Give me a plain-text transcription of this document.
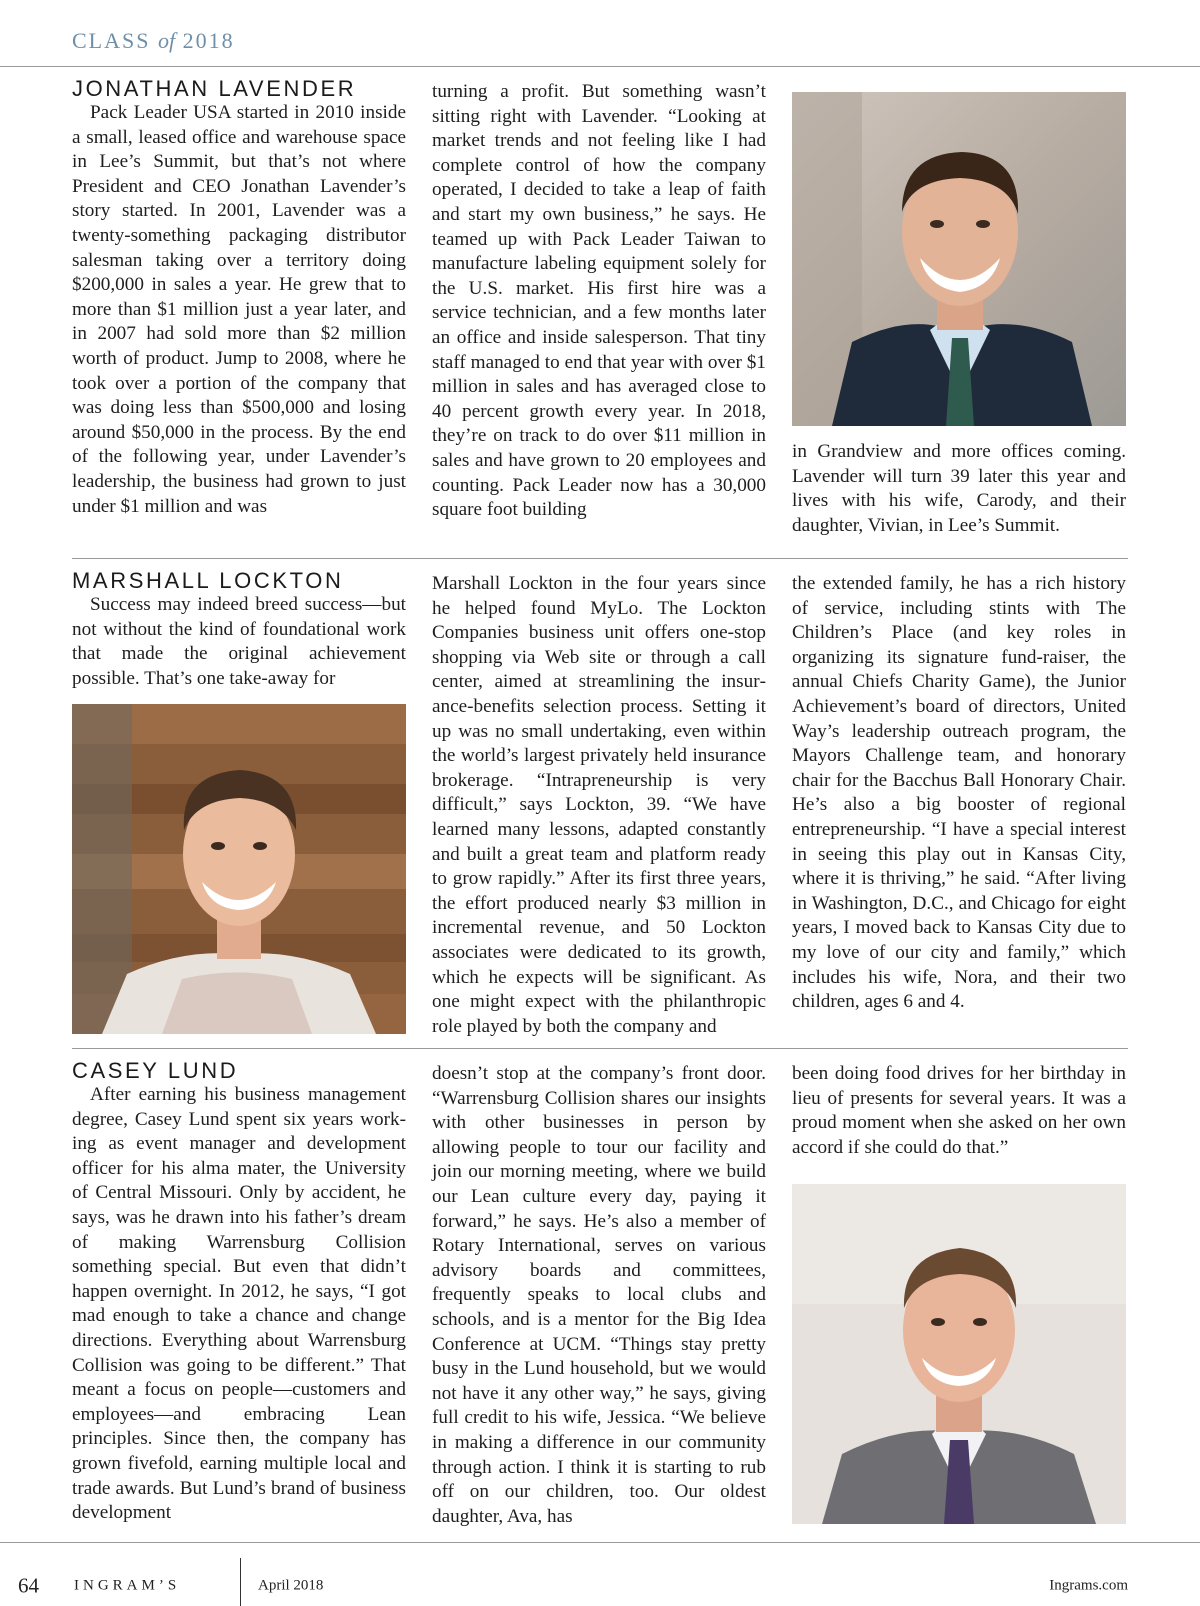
CLASS of 2018
JONATHAN LAVENDER

Pack Leader USA started in 2010 inside a small, leased office and warehouse space in Lee’s Summit, but that’s not where President and CEO Jonathan Lavender’s story started. In 2001, Lavender was a twenty-something packaging distributor salesman taking over a territory doing $200,000 in sales a year. He grew that to more than $1 million just a year later, and in 2007 had sold more than $2 million worth of product. Jump to 2008, where he took over a portion of the company that was doing less than $500,000 and losing around $50,000 in the process. By the end of the following year, under Lavender’s leadership, the business had grown to just under $1 million and was

turning a profit. But something wasn’t sitting right with Lavender. “Looking at market trends and not feeling like I had complete control of how the company operated, I decided to take a leap of faith and start my own business,” he says. He teamed up with Pack Leader Taiwan to manufacture labeling equipment solely for the U.S. market. His first hire was a service technician, and a few months later an office and inside salesperson. That tiny staff managed to end that year with over $1 million in sales and has averaged close to 40 percent growth every year. In 2018, they’re on track to do over $11 million in sales and have grown to 20 employees and counting. Pack Leader now has a 30,000 square foot building

in Grandview and more offices coming. Lavender will turn 39 later this year and lives with his wife, Carody, and their daughter, Vivian, in Lee’s Summit.

MARSHALL LOCKTON

Success may indeed breed success—but not without the kind of foundational work that made the original achievement possible. That’s one take-away for

Marshall Lockton in the four years since he helped found MyLo. The Lockton Companies business unit offers one-stop shopping via Web site or through a call center, aimed at streamlining the insurance-benefits selection process. Setting it up was no small undertaking, even within the world’s largest privately held insurance brokerage. “Intrapreneurship is very difficult,” says Lockton, 39. “We have learned many lessons, adapted constantly and built a great team and platform ready to grow rapidly.” After its first three years, the effort produced nearly $3 million in incremental revenue, and 50 Lockton associates were dedicated to its growth, which he expects will be significant. As one might expect with the philanthropic role played by both the company and

the extended family, he has a rich history of service, including stints with The Children’s Place (and key roles in organizing its signature fund-raiser, the annual Chiefs Charity Game), the Junior Achievement’s board of directors, United Way’s leadership outreach program, the Mayors Challenge team, and honorary chair for the Bacchus Ball Honorary Chair. He’s also a big booster of regional entrepreneurship. “I have a special interest in seeing this play out in Kansas City, where it is thriving,” he said. “After living in Washington, D.C., and Chicago for eight years, I moved back to Kansas City due to my love of our city and family,” which includes his wife, Nora, and their two children, ages 6 and 4.

CASEY LUND

After earning his business management degree, Casey Lund spent six years working as event manager and development officer for his alma mater, the University of Central Missouri. Only by accident, he says, was he drawn into his father’s dream of making Warrensburg Collision something special. But even that didn’t happen overnight. In 2012, he says, “I got mad enough to take a chance and change directions. Everything about Warrensburg Collision was going to be different.” That meant a focus on people—customers and employees—and embracing Lean principles. Since then, the company has grown fivefold, earning multiple local and trade awards. But Lund’s brand of business development

doesn’t stop at the company’s front door. “Warrensburg Collision shares our insights with other businesses in person by allowing people to tour our facility and join our morning meeting, where we build our Lean culture every day, paying it forward,” he says. He’s also a member of Rotary International, serves on various advisory boards and committees, frequently speaks to local clubs and schools, and is a mentor for the Big Idea Conference at UCM. “Things stay pretty busy in the Lund household, but we would not have it any other way,” he says, giving full credit to his wife, Jessica. “We believe in making a difference in our community through action. I think it is starting to rub off on our children, too. Our oldest daughter, Ava, has

been doing food drives for her birthday in lieu of presents for several years. It was a proud moment when she asked on her own accord if she could do that.”

64 INGRAM’S	April 2018	Ingrams.com
